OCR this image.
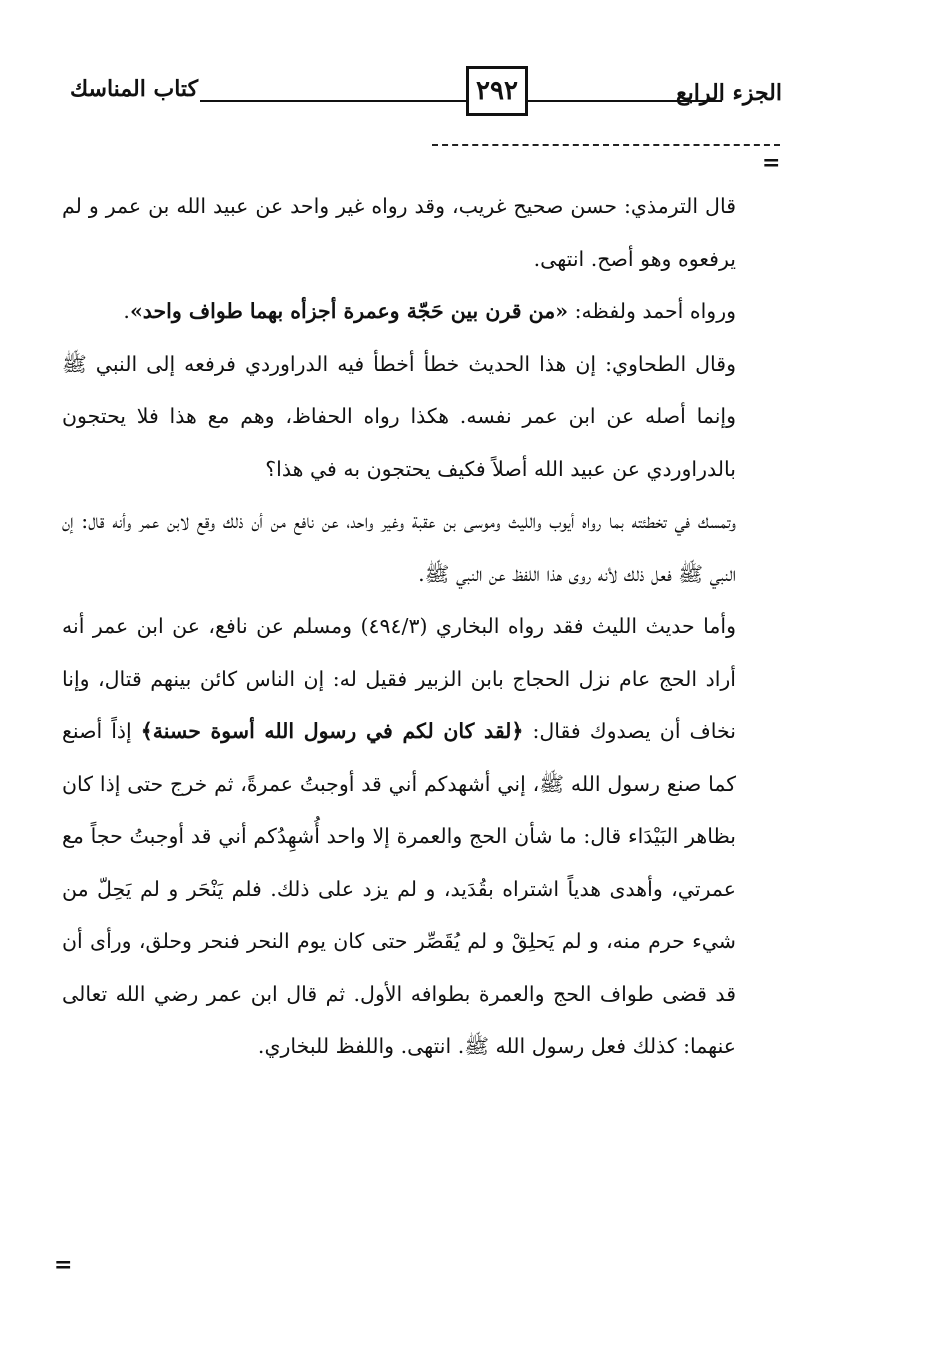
الجزء الرابع
٢٩٢
كتاب المناسك
=

قال الترمذي: حسن صحيح غريب، وقد رواه غير واحد عن عبيد الله بن عمر و لم يرفعوه وهو أصح. انتهى.

ورواه أحمد ولفظه: «من قرن بين حَجّة وعمرة أجزأه بهما طواف واحد».

وقال الطحاوي: إن هذا الحديث خطأ أخطأ فيه الدراوردي فرفعه إلى النبي ﷺ وإنما أصله عن ابن عمر نفسه. هكذا رواه الحفاظ، وهم مع هذا فلا يحتجون بالدراوردي عن عبيد الله أصلاً فكيف يحتجون به في هذا؟

وتمسك في تخطئته بما رواه أيوب والليث وموسى بن عقبة وغير واحد، عن نافع من أن ذلك وقع لابن عمر وأنه قال: إن النبي ﷺ فعل ذلك لأنه روى هذا اللفظ عن النبي ﷺ.

وأما حديث الليث فقد رواه البخاري (٤٩٤/٣) ومسلم عن نافع، عن ابن عمر أنه أراد الحج عام نزل الحجاج بابن الزبير فقيل له: إن الناس كائن بينهم قتال، وإنا نخاف أن يصدوك فقال: ﴿لقد كان لكم في رسول الله أسوة حسنة﴾ إذاً أصنع كما صنع رسول الله ﷺ، إني أشهدكم أني قد أوجبتُ عمرةً، ثم خرج حتى إذا كان بظاهر البَيْدَاء قال: ما شأن الحج والعمرة إلا واحد أُشهِدُكم أني قد أوجبتُ حجاً مع عمرتي، وأهدى هدياً اشتراه بقُدَيد، و لم يزد على ذلك. فلم يَنْحَر و لم يَحِلّ من شيء حرم منه، و لم يَحلِقْ و لم يُقَصِّر حتى كان يوم النحر فنحر وحلق، ورأى أن قد قضى طواف الحج والعمرة بطوافه الأول. ثم قال ابن عمر رضي الله تعالى عنهما: كذلك فعل رسول الله ﷺ. انتهى. واللفظ للبخاري.

=
